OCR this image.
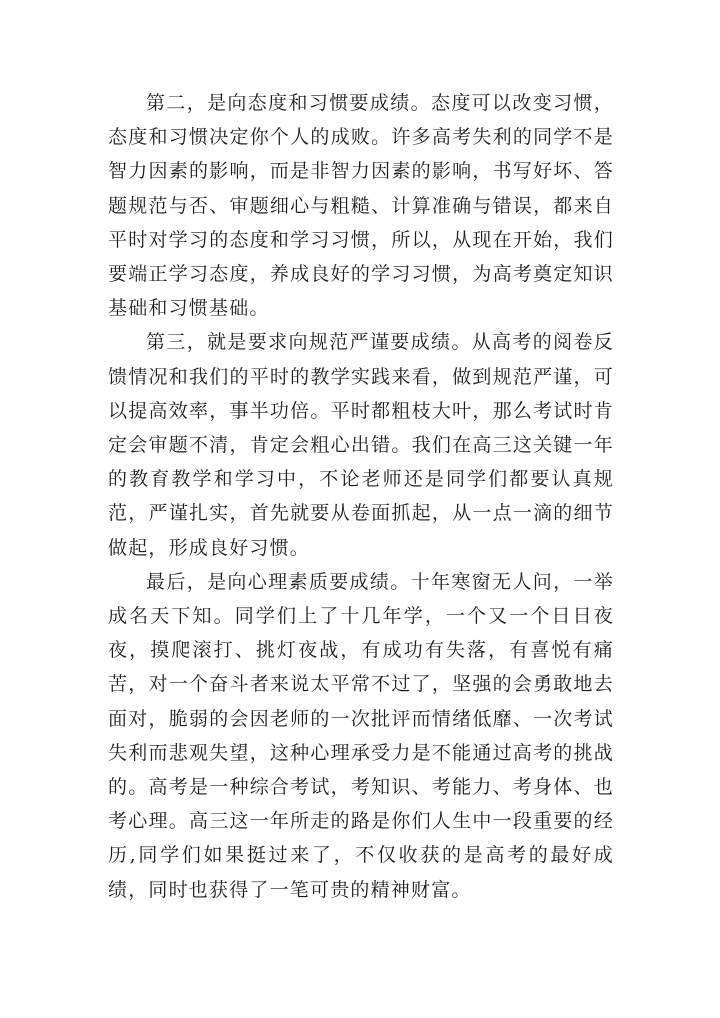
第二，是向态度和习惯要成绩。态度可以改变习惯，态度和习惯决定你个人的成败。许多高考失利的同学不是智力因素的影响，而是非智力因素的影响，书写好坏、答题规范与否、审题细心与粗糙、计算准确与错误，都来自平时对学习的态度和学习习惯，所以，从现在开始，我们要端正学习态度，养成良好的学习习惯，为高考奠定知识基础和习惯基础。

第三，就是要求向规范严谨要成绩。从高考的阅卷反馈情况和我们的平时的教学实践来看，做到规范严谨，可以提高效率，事半功倍。平时都粗枝大叶，那么考试时肯定会审题不清，肯定会粗心出错。我们在高三这关键一年的教育教学和学习中，不论老师还是同学们都要认真规范，严谨扎实，首先就要从卷面抓起，从一点一滴的细节做起，形成良好习惯。

最后，是向心理素质要成绩。十年寒窗无人问，一举成名天下知。同学们上了十几年学，一个又一个日日夜夜，摸爬滚打、挑灯夜战，有成功有失落，有喜悦有痛苦，对一个奋斗者来说太平常不过了，坚强的会勇敢地去面对，脆弱的会因老师的一次批评而情绪低靡、一次考试失利而悲观失望，这种心理承受力是不能通过高考的挑战的。高考是一种综合考试，考知识、考能力、考身体、也考心理。高三这一年所走的路是你们人生中一段重要的经历,同学们如果挺过来了，不仅收获的是高考的最好成绩，同时也获得了一笔可贵的精神财富。
